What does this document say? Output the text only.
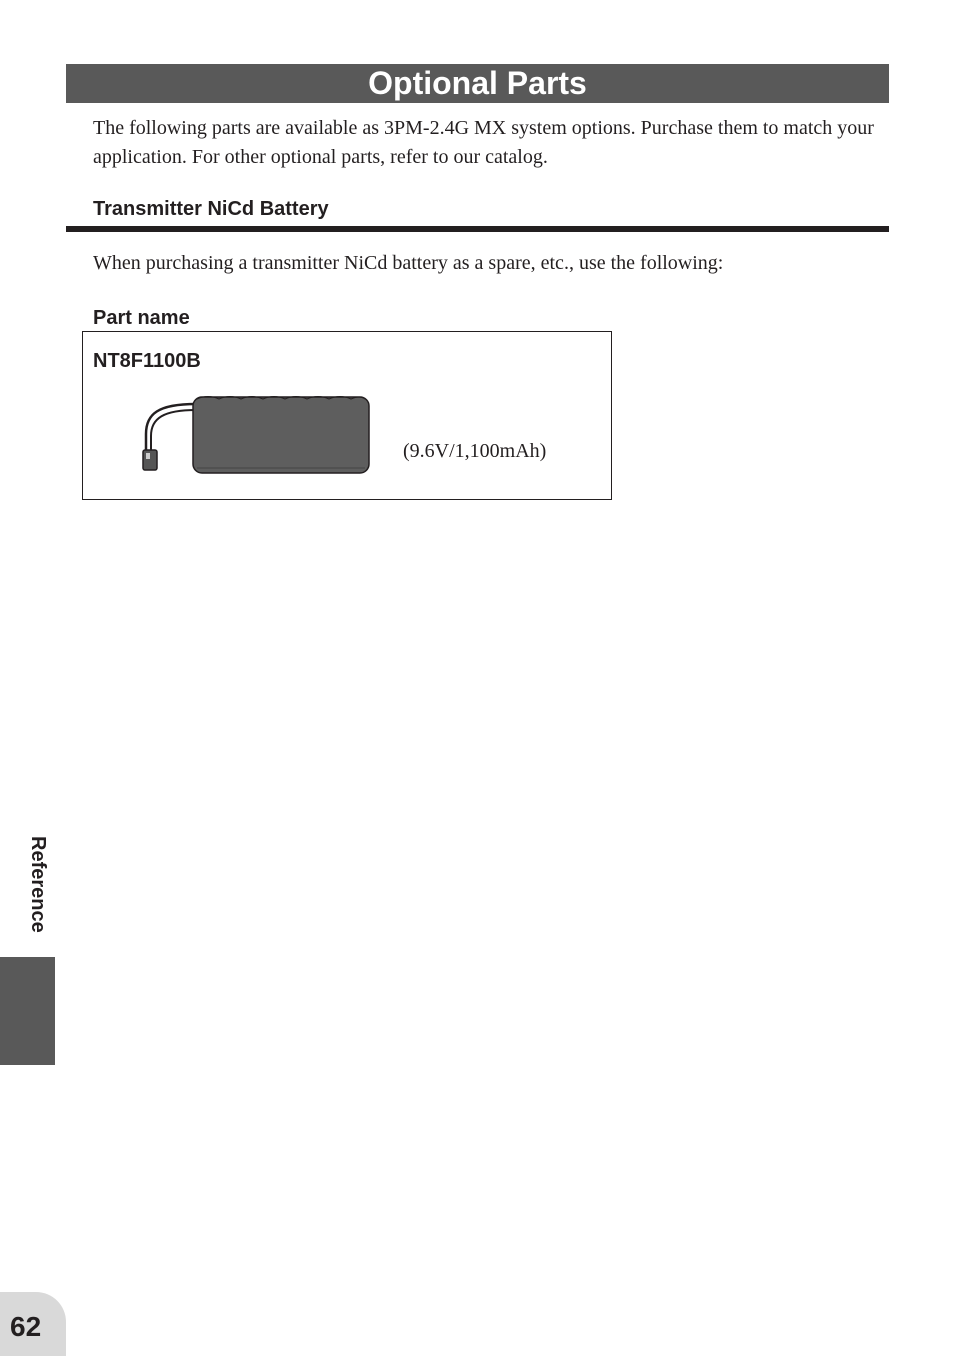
Optional Parts

The following parts are available as 3PM-2.4G MX system options. Purchase them to match your application. For other optional parts, refer to our catalog.

Transmitter NiCd Battery

When purchasing a transmitter NiCd battery as a spare, etc., use the following:

Part name
NT8F1100B
(9.6V/1,100mAh)
Reference
62
